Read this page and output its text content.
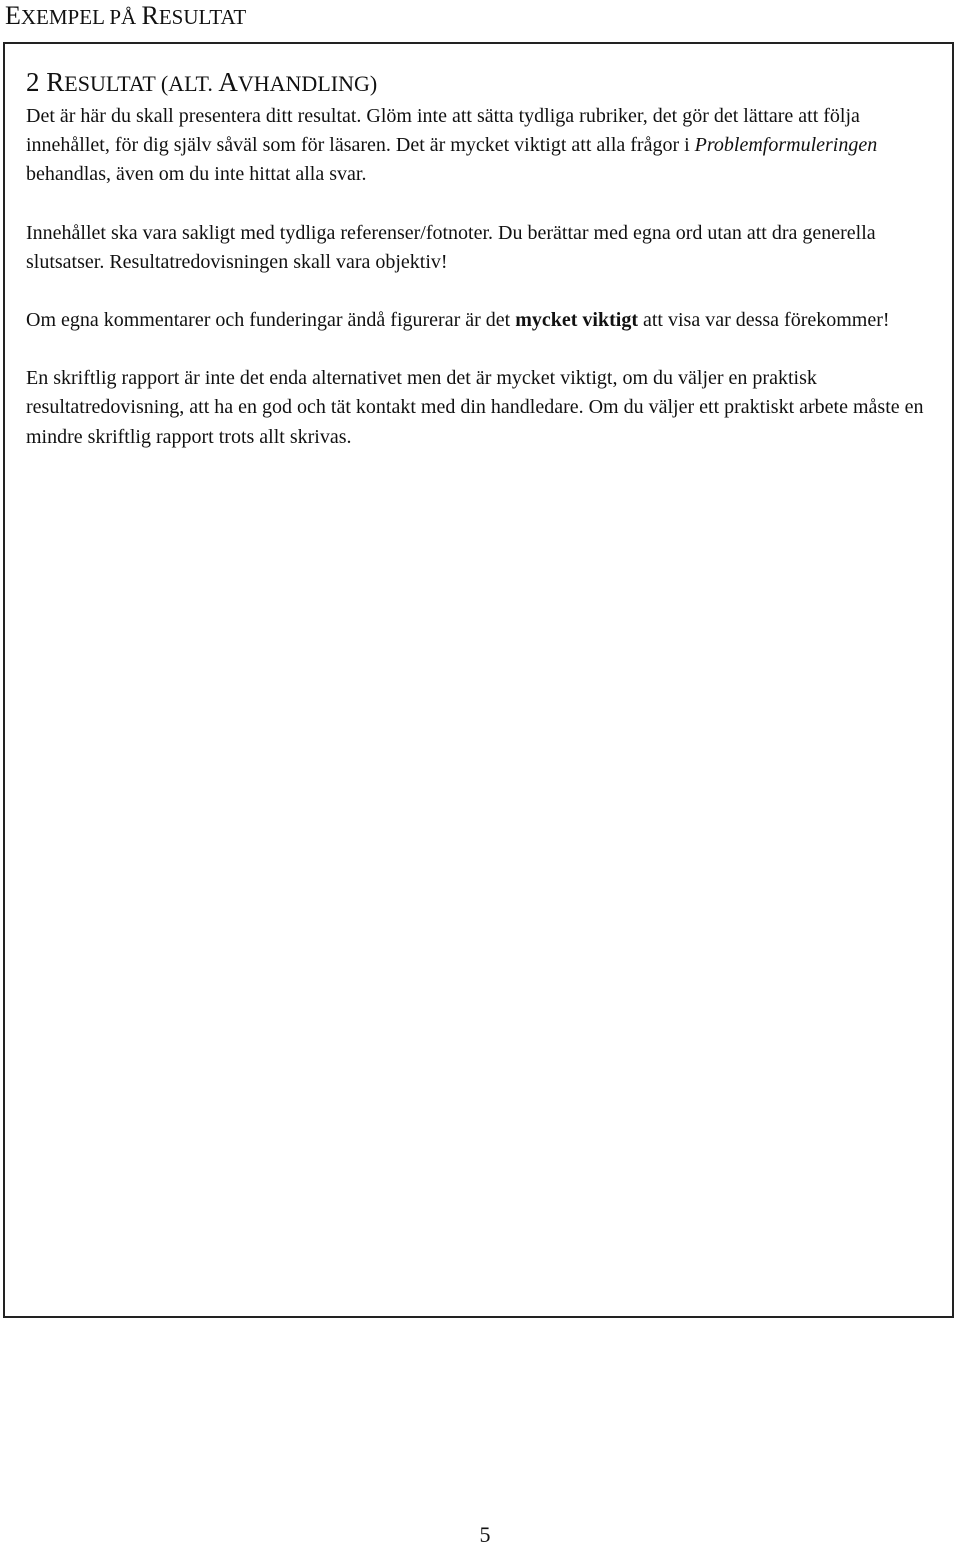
EXEMPEL PÅ RESULTAT
2 RESULTAT (ALT. AVHANDLING)

Det är här du skall presentera ditt resultat. Glöm inte att sätta tydliga rubriker, det gör det lättare att följa innehållet, för dig själv såväl som för läsaren. Det är mycket viktigt att alla frågor i Problemformuleringen behandlas, även om du inte hittat alla svar.

Innehållet ska vara sakligt med tydliga referenser/fotnoter. Du berättar med egna ord utan att dra generella slutsatser. Resultatredovisningen skall vara objektiv!

Om egna kommentarer och funderingar ändå figurerar är det mycket viktigt att visa var dessa förekommer!

En skriftlig rapport är inte det enda alternativet men det är mycket viktigt, om du väljer en praktisk resultatredovisning, att ha en god och tät kontakt med din handledare. Om du väljer ett praktiskt arbete måste en mindre skriftlig rapport trots allt skrivas.

5
